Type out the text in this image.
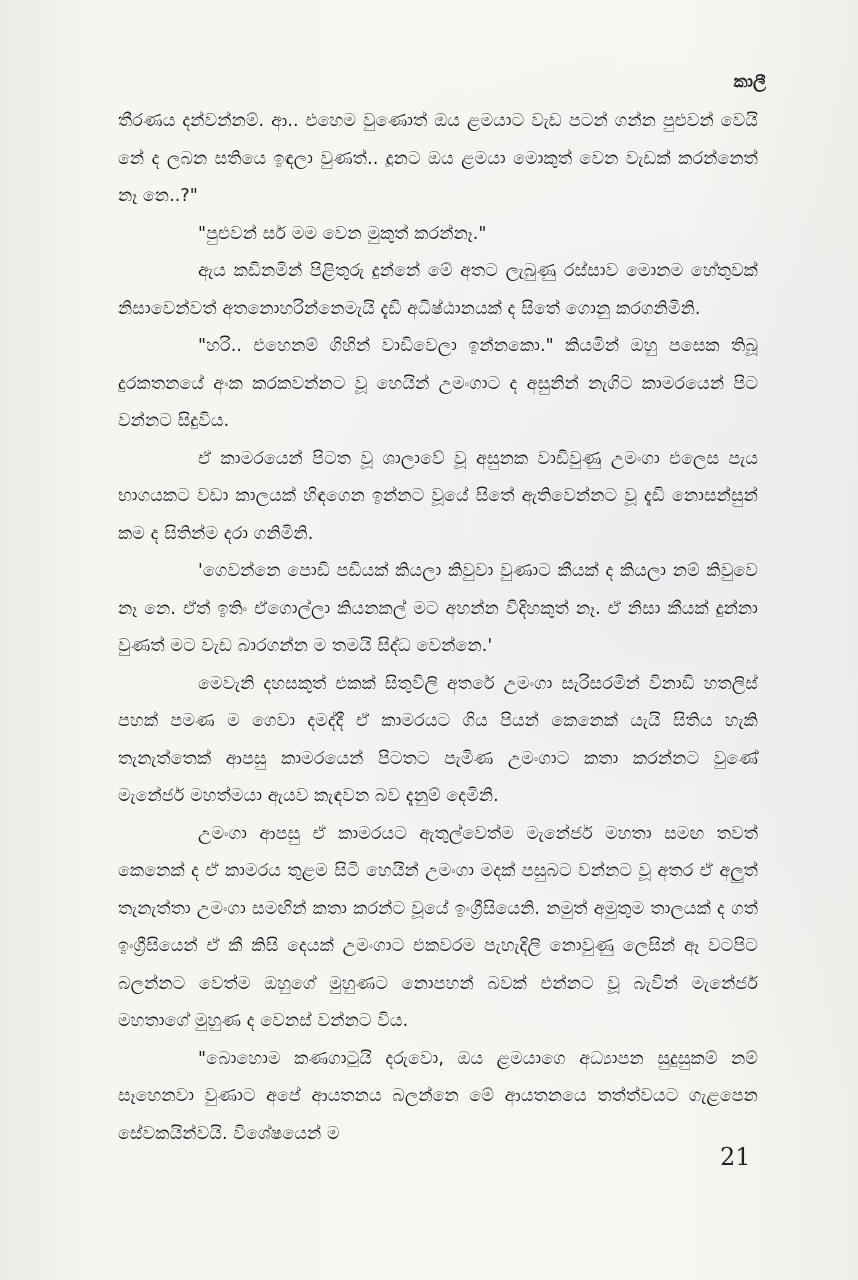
කාලී

තීරණය දන්වන්නම්. ආ.. එහෙම වුණොත් ඔය ළමයාට වැඩ පටන් ගන්න පුළුවන් වෙයි නේ ද ලබන සතියෙ ඉඳලා වුණත්.. දූනට ඔය ළමයා මොකුත් වෙන වැඩක් කරන්නෙත් නෑ නෙ..?"

"පුළුවන් සර් මම වෙන මුකුත් කරන්නෑ."

ඇය කඩිනමින් පිළිතුරු දුන්නේ මේ අතට ලැබුණු රස්සාව මොනම හේතුවක් නිසාවෙන්වත් අතනොහරින්නෙමැයි දැඩි අධිෂ්ඨානයක් ද සිතේ ගොනු කරගනිමිනි.

"හරි.. එහෙනම් ගිහින් වාඩිවෙලා ඉන්නකො." කියමින් ඔහු පසෙක තිබූ දුරකතනයේ අංක කරකවන්නට වූ හෙයින් උමංගාට ද අසුනින් නැගිට කාමරයෙන් පිට වන්නට සිදුවිය.

ඒ කාමරයෙන් පිටත වූ ශාලාවේ වූ අසුනක වාඩිවුණු උමංගා එලෙස පැය භාගයකට වඩා කාලයක් හිඳගෙන ඉන්නට වූයේ සිතේ ඇතිවෙන්නට වූ දැඩි නොසන්සුන් කම ද සිතින්ම දරා ගනිමිනි.

'ගෙවන්නෙ පොඩි පඩියක් කියලා කිවුවා වුණාට කීයක් ද කියලා නම් කිවුවෙ නෑ නෙ. ඒත් ඉතිං ඒගොල්ලා කියනකල් මට අහන්න විදිහකුත් නෑ. ඒ නිසා කීයක් දුන්නා වුණත් මට වැඩ බාරගන්න ම තමයි සිද්ධ වෙන්නෙ.'

මෙවැනි දහසකුත් එකක් සිතුවිලි අතරේ උමංගා සැරිසරමින් විනාඩි හතලිස් පහක් පමණ ම ගෙවා දමද්දී ඒ කාමරයට ගිය පියන් කෙනෙක් යැයි සිතිය හැකි තැනැත්තෙක් ආපසු කාමරයෙන් පිටතට පැමිණ උමංගාට කතා කරන්නට වුණේ මැනේජර් මහත්මයා ඇයව කැඳවන බව දැනුම් දෙමිනි.

උමංගා ආපසු ඒ කාමරයට ඇතුල්වෙත්ම මැනේජර් මහතා සමඟ තවත් කෙනෙක් ද ඒ කාමරය තුළම සිටි හෙයින් උමංගා මදක් පසුබට වන්නට වූ අතර ඒ අලුත් තැනැත්තා උමංගා සමඟින් කතා කරන්ට වූයේ ඉංග්‍රීසියෙනි. නමුත් අමුතුම තාලයක් ද ගත් ඉංග්‍රීසියෙන් ඒ කී කිසි දෙයක් උමංගාට එකවරම පැහැදිලි නොවුණු ලෙසින් ඈ වටපිට බලන්නට වෙත්ම ඔහුගේ මුහුණට නොපහන් බවක් එන්නට වූ බැවින් මැනේජර් මහතාගේ මුහුණ ද වෙනස් වන්නට විය.

"බොහොම කණගාටුයි දරුවො, ඔය ළමයාගෙ අධ්‍යාපන සුදුසුකම් නම් සෑහෙනවා වුණාට අපේ ආයතනය බලන්නෙ මේ ආයතනයෙ තත්ත්වයට ගැළපෙන සේවකයින්වයි. විශේෂයෙන් ම

21
